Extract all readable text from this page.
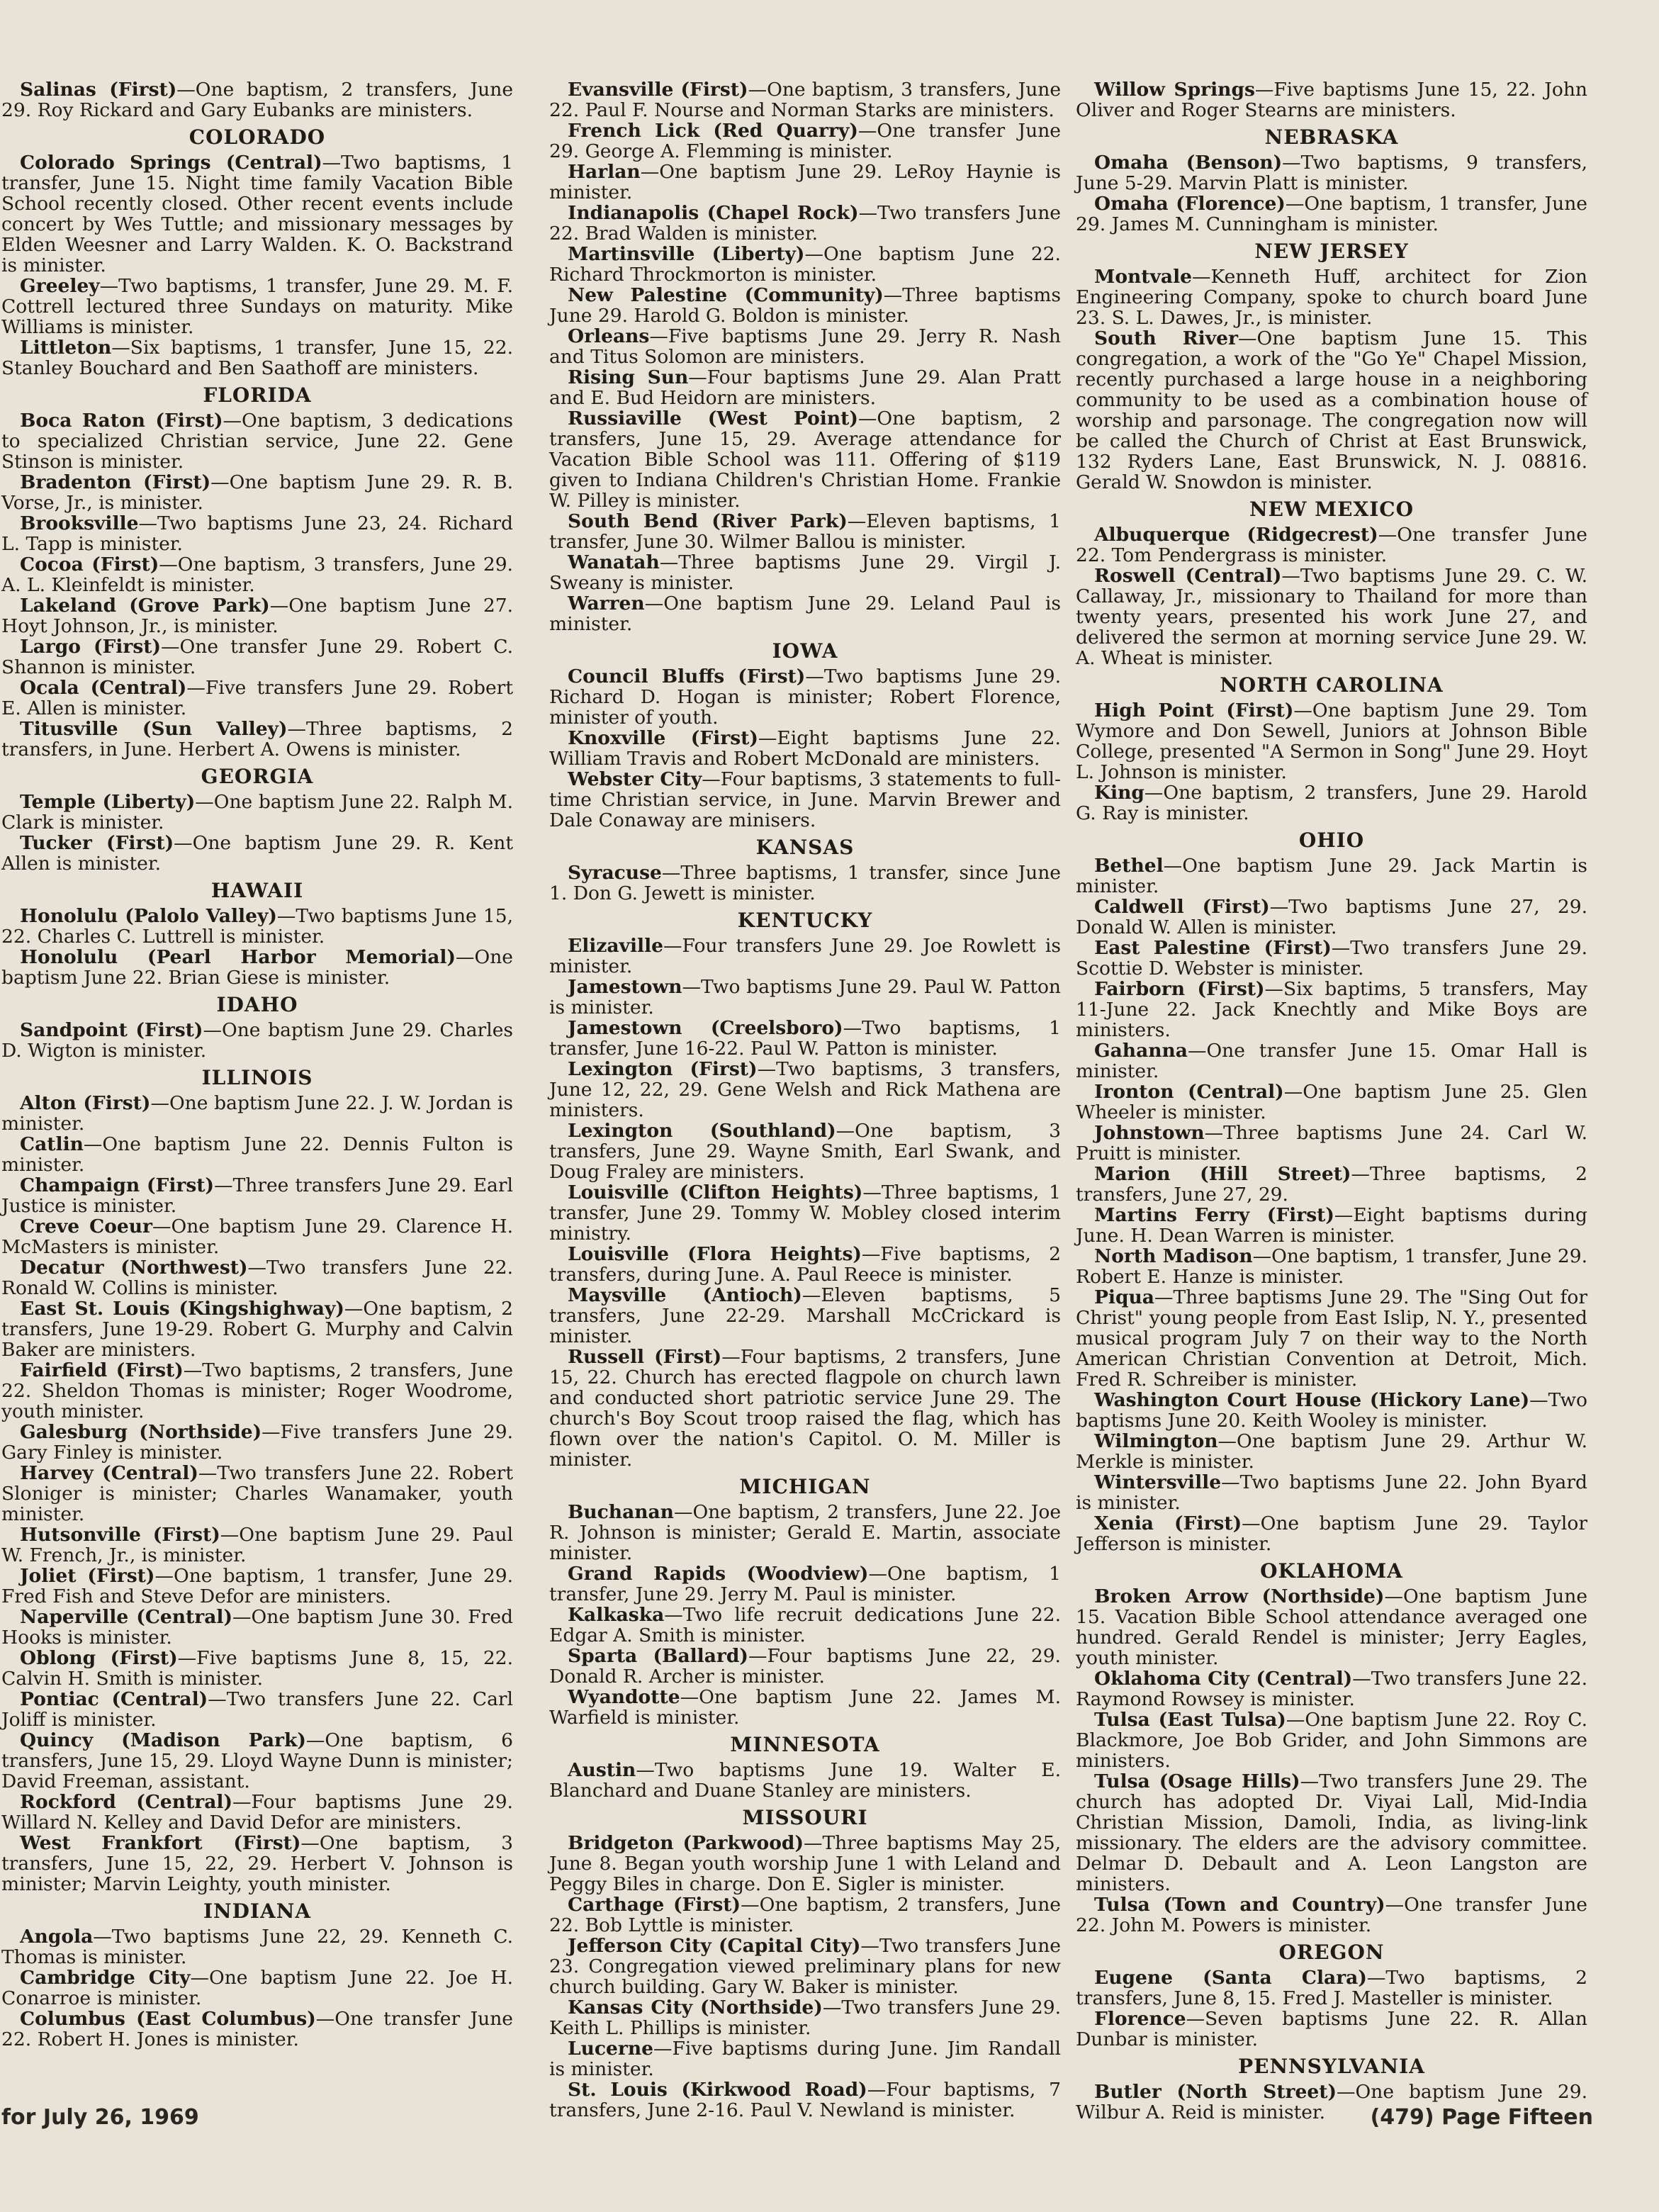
Salinas (First)—One baptism, 2 transfers, June 29. Roy Rickard and Gary Eubanks are ministers.

COLORADO

Colorado Springs (Central)—Two baptisms, 1 transfer, June 15. Night time family Vacation Bible School recently closed. Other recent events include concert by Wes Tuttle; and missionary messages by Elden Weesner and Larry Walden. K. O. Backstrand is minister.

Greeley—Two baptisms, 1 transfer, June 29. M. F. Cottrell lectured three Sundays on maturity. Mike Williams is minister.

Littleton—Six baptisms, 1 transfer, June 15, 22. Stanley Bouchard and Ben Saathoff are ministers.

FLORIDA

Boca Raton (First)—One baptism, 3 dedications to specialized Christian service, June 22. Gene Stinson is minister.

Bradenton (First)—One baptism June 29. R. B. Vorse, Jr., is minister.

Brooksville—Two baptisms June 23, 24. Richard L. Tapp is minister.

Cocoa (First)—One baptism, 3 transfers, June 29. A. L. Kleinfeldt is minister.

Lakeland (Grove Park)—One baptism June 27. Hoyt Johnson, Jr., is minister.

Largo (First)—One transfer June 29. Robert C. Shannon is minister.

Ocala (Central)—Five transfers June 29. Robert E. Allen is minister.

Titusville (Sun Valley)—Three baptisms, 2 transfers, in June. Herbert A. Owens is minister.

GEORGIA

Temple (Liberty)—One baptism June 22. Ralph M. Clark is minister.

Tucker (First)—One baptism June 29. R. Kent Allen is minister.

HAWAII

Honolulu (Palolo Valley)—Two baptisms June 15, 22. Charles C. Luttrell is minister.

Honolulu (Pearl Harbor Memorial)—One baptism June 22. Brian Giese is minister.

IDAHO

Sandpoint (First)—One baptism June 29. Charles D. Wigton is minister.

ILLINOIS

Alton (First)—One baptism June 22. J. W. Jordan is minister.

Catlin—One baptism June 22. Dennis Fulton is minister.

Champaign (First)—Three transfers June 29. Earl Justice is minister.

Creve Coeur—One baptism June 29. Clarence H. McMasters is minister.

Decatur (Northwest)—Two transfers June 22. Ronald W. Collins is minister.

East St. Louis (Kingshighway)—One baptism, 2 transfers, June 19-29. Robert G. Murphy and Calvin Baker are ministers.

Fairfield (First)—Two baptisms, 2 transfers, June 22. Sheldon Thomas is minister; Roger Woodrome, youth minister.

Galesburg (Northside)—Five transfers June 29. Gary Finley is minister.

Harvey (Central)—Two transfers June 22. Robert Sloniger is minister; Charles Wanamaker, youth minister.

Hutsonville (First)—One baptism June 29. Paul W. French, Jr., is minister.

Joliet (First)—One baptism, 1 transfer, June 29. Fred Fish and Steve Defor are ministers.

Naperville (Central)—One baptism June 30. Fred Hooks is minister.

Oblong (First)—Five baptisms June 8, 15, 22. Calvin H. Smith is minister.

Pontiac (Central)—Two transfers June 22. Carl Joliff is minister.

Quincy (Madison Park)—One baptism, 6 transfers, June 15, 29. Lloyd Wayne Dunn is minister; David Freeman, assistant.

Rockford (Central)—Four baptisms June 29. Willard N. Kelley and David Defor are ministers.

West Frankfort (First)—One baptism, 3 transfers, June 15, 22, 29. Herbert V. Johnson is minister; Marvin Leighty, youth minister.

INDIANA

Angola—Two baptisms June 22, 29. Kenneth C. Thomas is minister.

Cambridge City—One baptism June 22. Joe H. Conarroe is minister.

Columbus (East Columbus)—One transfer June 22. Robert H. Jones is minister.

Evansville (First)—One baptism, 3 transfers, June 22. Paul F. Nourse and Norman Starks are ministers.

French Lick (Red Quarry)—One transfer June 29. George A. Flemming is minister.

Harlan—One baptism June 29. LeRoy Haynie is minister.

Indianapolis (Chapel Rock)—Two transfers June 22. Brad Walden is minister.

Martinsville (Liberty)—One baptism June 22. Richard Throckmorton is minister.

New Palestine (Community)—Three baptisms June 29. Harold G. Boldon is minister.

Orleans—Five baptisms June 29. Jerry R. Nash and Titus Solomon are ministers.

Rising Sun—Four baptisms June 29. Alan Pratt and E. Bud Heidorn are ministers.

Russiaville (West Point)—One baptism, 2 transfers, June 15, 29. Average attendance for Vacation Bible School was 111. Offering of $119 given to Indiana Children's Christian Home. Frankie W. Pilley is minister.

South Bend (River Park)—Eleven baptisms, 1 transfer, June 30. Wilmer Ballou is minister.

Wanatah—Three baptisms June 29. Virgil J. Sweany is minister.

Warren—One baptism June 29. Leland Paul is minister.

IOWA

Council Bluffs (First)—Two baptisms June 29. Richard D. Hogan is minister; Robert Florence, minister of youth.

Knoxville (First)—Eight baptisms June 22. William Travis and Robert McDonald are ministers.

Webster City—Four baptisms, 3 statements to full-time Christian service, in June. Marvin Brewer and Dale Conaway are minisers.

KANSAS

Syracuse—Three baptisms, 1 transfer, since June 1. Don G. Jewett is minister.

KENTUCKY

Elizaville—Four transfers June 29. Joe Rowlett is minister.

Jamestown—Two baptisms June 29. Paul W. Patton is minister.

Jamestown (Creelsboro)—Two baptisms, 1 transfer, June 16-22. Paul W. Patton is minister.

Lexington (First)—Two baptisms, 3 transfers, June 12, 22, 29. Gene Welsh and Rick Mathena are ministers.

Lexington (Southland)—One baptism, 3 transfers, June 29. Wayne Smith, Earl Swank, and Doug Fraley are ministers.

Louisville (Clifton Heights)—Three baptisms, 1 transfer, June 29. Tommy W. Mobley closed interim ministry.

Louisville (Flora Heights)—Five baptisms, 2 transfers, during June. A. Paul Reece is minister.

Maysville (Antioch)—Eleven baptisms, 5 transfers, June 22-29. Marshall McCrickard is minister.

Russell (First)—Four baptisms, 2 transfers, June 15, 22. Church has erected flagpole on church lawn and conducted short patriotic service June 29. The church's Boy Scout troop raised the flag, which has flown over the nation's Capitol. O. M. Miller is minister.

MICHIGAN

Buchanan—One baptism, 2 transfers, June 22. Joe R. Johnson is minister; Gerald E. Martin, associate minister.

Grand Rapids (Woodview)—One baptism, 1 transfer, June 29. Jerry M. Paul is minister.

Kalkaska—Two life recruit dedications June 22. Edgar A. Smith is minister.

Sparta (Ballard)—Four baptisms June 22, 29. Donald R. Archer is minister.

Wyandotte—One baptism June 22. James M. Warfield is minister.

MINNESOTA

Austin—Two baptisms June 19. Walter E. Blanchard and Duane Stanley are ministers.

MISSOURI

Bridgeton (Parkwood)—Three baptisms May 25, June 8. Began youth worship June 1 with Leland and Peggy Biles in charge. Don E. Sigler is minister.

Carthage (First)—One baptism, 2 transfers, June 22. Bob Lyttle is minister.

Jefferson City (Capital City)—Two transfers June 23. Congregation viewed preliminary plans for new church building. Gary W. Baker is minister.

Kansas City (Northside)—Two transfers June 29. Keith L. Phillips is minister.

Lucerne—Five baptisms during June. Jim Randall is minister.

St. Louis (Kirkwood Road)—Four baptisms, 7 transfers, June 2-16. Paul V. Newland is minister.

Willow Springs—Five baptisms June 15, 22. John Oliver and Roger Stearns are ministers.

NEBRASKA

Omaha (Benson)—Two baptisms, 9 transfers, June 5-29. Marvin Platt is minister.

Omaha (Florence)—One baptism, 1 transfer, June 29. James M. Cunningham is minister.

NEW JERSEY

Montvale—Kenneth Huff, architect for Zion Engineering Company, spoke to church board June 23. S. L. Dawes, Jr., is minister.

South River—One baptism June 15. This congregation, a work of the "Go Ye" Chapel Mission, recently purchased a large house in a neighboring community to be used as a combination house of worship and parsonage. The congregation now will be called the Church of Christ at East Brunswick, 132 Ryders Lane, East Brunswick, N. J. 08816. Gerald W. Snowdon is minister.

NEW MEXICO

Albuquerque (Ridgecrest)—One transfer June 22. Tom Pendergrass is minister.

Roswell (Central)—Two baptisms June 29. C. W. Callaway, Jr., missionary to Thailand for more than twenty years, presented his work June 27, and delivered the sermon at morning service June 29. W. A. Wheat is minister.

NORTH CAROLINA

High Point (First)—One baptism June 29. Tom Wymore and Don Sewell, Juniors at Johnson Bible College, presented "A Sermon in Song" June 29. Hoyt L. Johnson is minister.

King—One baptism, 2 transfers, June 29. Harold G. Ray is minister.

OHIO

Bethel—One baptism June 29. Jack Martin is minister.

Caldwell (First)—Two baptisms June 27, 29. Donald W. Allen is minister.

East Palestine (First)—Two transfers June 29. Scottie D. Webster is minister.

Fairborn (First)—Six baptims, 5 transfers, May 11-June 22. Jack Knechtly and Mike Boys are ministers.

Gahanna—One transfer June 15. Omar Hall is minister.

Ironton (Central)—One baptism June 25. Glen Wheeler is minister.

Johnstown—Three baptisms June 24. Carl W. Pruitt is minister.

Marion (Hill Street)—Three baptisms, 2 transfers, June 27, 29.

Martins Ferry (First)—Eight baptisms during June. H. Dean Warren is minister.

North Madison—One baptism, 1 transfer, June 29. Robert E. Hanze is minister.

Piqua—Three baptisms June 29. The "Sing Out for Christ" young people from East Islip, N. Y., presented musical program July 7 on their way to the North American Christian Convention at Detroit, Mich. Fred R. Schreiber is minister.

Washington Court House (Hickory Lane)—Two baptisms June 20. Keith Wooley is minister.

Wilmington—One baptism June 29. Arthur W. Merkle is minister.

Wintersville—Two baptisms June 22. John Byard is minister.

Xenia (First)—One baptism June 29. Taylor Jefferson is minister.

OKLAHOMA

Broken Arrow (Northside)—One baptism June 15. Vacation Bible School attendance averaged one hundred. Gerald Rendel is minister; Jerry Eagles, youth minister.

Oklahoma City (Central)—Two transfers June 22. Raymond Rowsey is minister.

Tulsa (East Tulsa)—One baptism June 22. Roy C. Blackmore, Joe Bob Grider, and John Simmons are ministers.

Tulsa (Osage Hills)—Two transfers June 29. The church has adopted Dr. Viyai Lall, Mid-India Christian Mission, Damoli, India, as living-link missionary. The elders are the advisory committee. Delmar D. Debault and A. Leon Langston are ministers.

Tulsa (Town and Country)—One transfer June 22. John M. Powers is minister.

OREGON

Eugene (Santa Clara)—Two baptisms, 2 transfers, June 8, 15. Fred J. Masteller is minister.

Florence—Seven baptisms June 22. R. Allan Dunbar is minister.

PENNSYLVANIA

Butler (North Street)—One baptism June 29. Wilbur A. Reid is minister.

for July 26, 1969	(479) Page Fifteen
